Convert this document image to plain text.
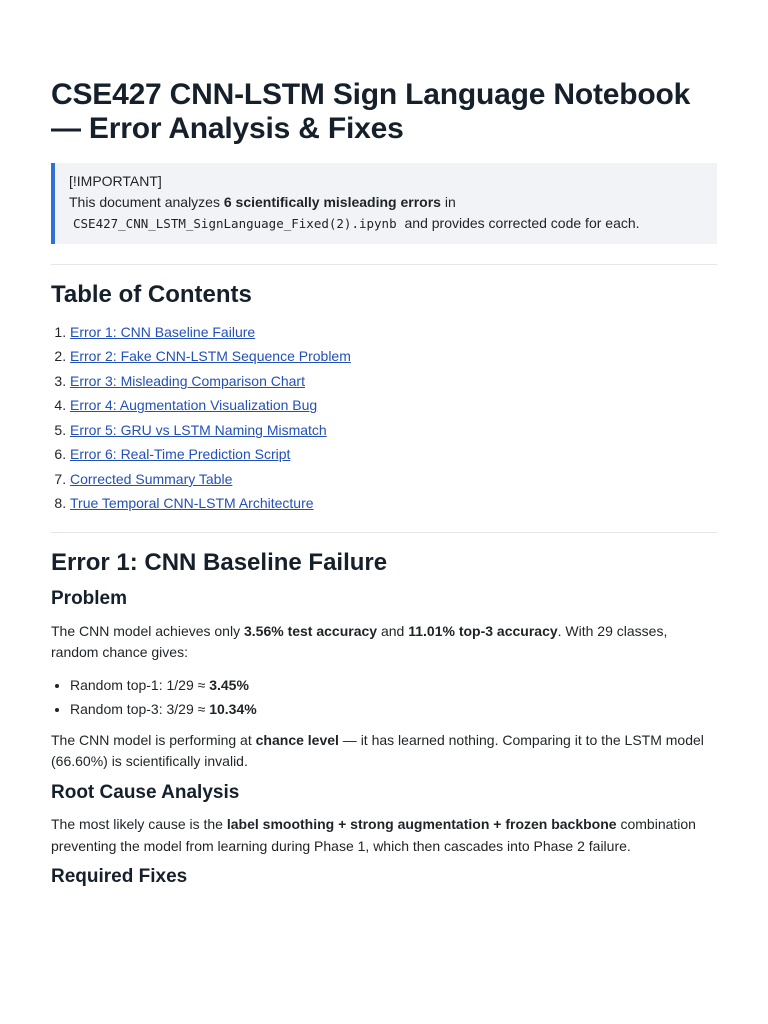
CSE427 CNN-LSTM Sign Language Notebook — Error Analysis & Fixes
[!IMPORTANT]
This document analyzes 6 scientifically misleading errors in
CSE427_CNN_LSTM_SignLanguage_Fixed(2).ipynb and provides corrected code for each.
Table of Contents
1. Error 1: CNN Baseline Failure
2. Error 2: Fake CNN-LSTM Sequence Problem
3. Error 3: Misleading Comparison Chart
4. Error 4: Augmentation Visualization Bug
5. Error 5: GRU vs LSTM Naming Mismatch
6. Error 6: Real-Time Prediction Script
7. Corrected Summary Table
8. True Temporal CNN-LSTM Architecture
Error 1: CNN Baseline Failure
Problem

The CNN model achieves only 3.56% test accuracy and 11.01% top-3 accuracy. With 29 classes, random chance gives:

• Random top-1: 1/29 ≈ 3.45%
• Random top-3: 3/29 ≈ 10.34%

The CNN model is performing at chance level — it has learned nothing. Comparing it to the LSTM model (66.60%) is scientifically invalid.

Root Cause Analysis

The most likely cause is the label smoothing + strong augmentation + frozen backbone combination preventing the model from learning during Phase 1, which then cascades into Phase 2 failure.

Required Fixes
